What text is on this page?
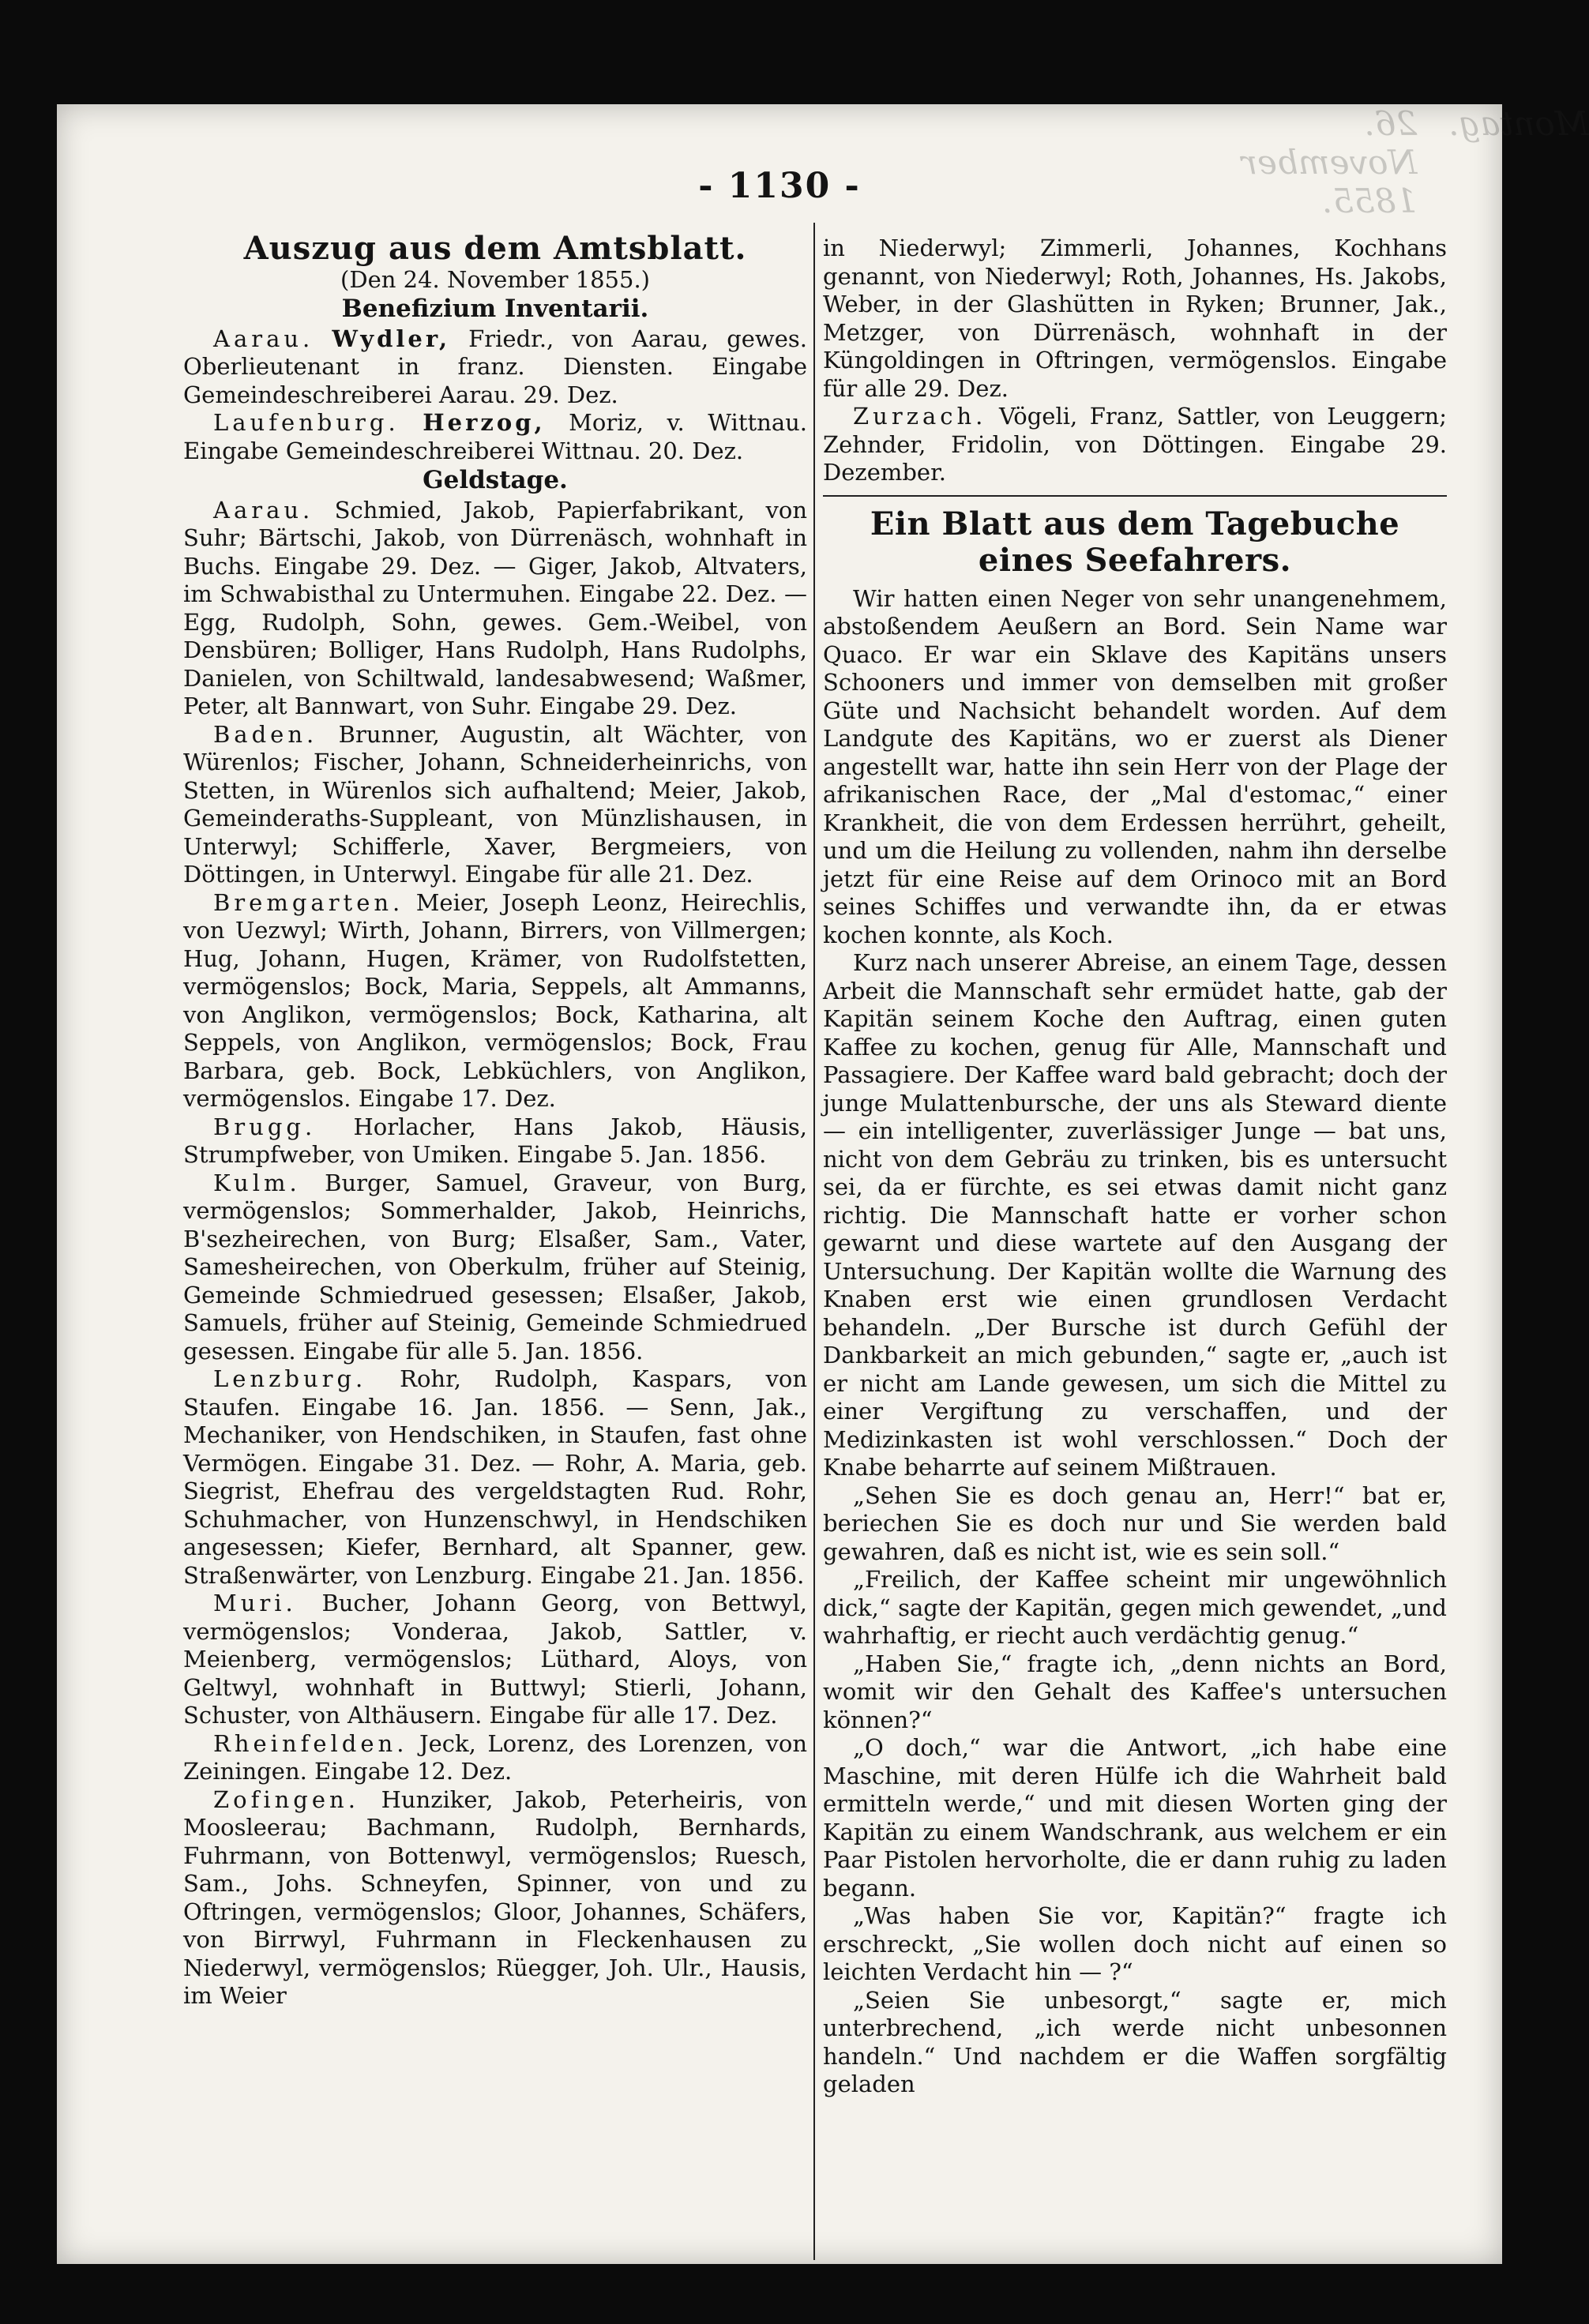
Montag.
26. November 1855.
- 1130 -
Auszug aus dem Amtsblatt.
(Den 24. November 1855.)
Benefizium Inventarii.

Aarau. Wydler, Friedr., von Aarau, gewes. Oberlieutenant in franz. Diensten. Eingabe Gemeindeschreiberei Aarau. 29. Dez.

Laufenburg. Herzog, Moriz, v. Wittnau. Eingabe Gemeindeschreiberei Wittnau. 20. Dez.

Geldstage.

Aarau. Schmied, Jakob, Papierfabrikant, von Suhr; Bärtschi, Jakob, von Dürrenäsch, wohnhaft in Buchs. Eingabe 29. Dez. — Giger, Jakob, Altvaters, im Schwabisthal zu Untermuhen. Eingabe 22. Dez. — Egg, Rudolph, Sohn, gewes. Gem.-Weibel, von Densbüren; Bolliger, Hans Rudolph, Hans Rudolphs, Danielen, von Schiltwald, landesabwesend; Waßmer, Peter, alt Bannwart, von Suhr. Eingabe 29. Dez.

Baden. Brunner, Augustin, alt Wächter, von Würenlos; Fischer, Johann, Schneiderheinrichs, von Stetten, in Würenlos sich aufhaltend; Meier, Jakob, Gemeinderaths-Suppleant, von Münzlishausen, in Unterwyl; Schifferle, Xaver, Bergmeiers, von Döttingen, in Unterwyl. Eingabe für alle 21. Dez.

Bremgarten. Meier, Joseph Leonz, Heirechlis, von Uezwyl; Wirth, Johann, Birrers, von Villmergen; Hug, Johann, Hugen, Krämer, von Rudolfstetten, vermögenslos; Bock, Maria, Seppels, alt Ammanns, von Anglikon, vermögenslos; Bock, Katharina, alt Seppels, von Anglikon, vermögenslos; Bock, Frau Barbara, geb. Bock, Lebküchlers, von Anglikon, vermögenslos. Eingabe 17. Dez.

Brugg. Horlacher, Hans Jakob, Häusis, Strumpfweber, von Umiken. Eingabe 5. Jan. 1856.

Kulm. Burger, Samuel, Graveur, von Burg, vermögenslos; Sommerhalder, Jakob, Heinrichs, B'sezheirechen, von Burg; Elsaßer, Sam., Vater, Samesheirechen, von Oberkulm, früher auf Steinig, Gemeinde Schmiedrued gesessen; Elsaßer, Jakob, Samuels, früher auf Steinig, Gemeinde Schmiedrued gesessen. Eingabe für alle 5. Jan. 1856.

Lenzburg. Rohr, Rudolph, Kaspars, von Staufen. Eingabe 16. Jan. 1856. — Senn, Jak., Mechaniker, von Hendschiken, in Staufen, fast ohne Vermögen. Eingabe 31. Dez. — Rohr, A. Maria, geb. Siegrist, Ehefrau des vergeldstagten Rud. Rohr, Schuhmacher, von Hunzenschwyl, in Hendschiken angesessen; Kiefer, Bernhard, alt Spanner, gew. Straßenwärter, von Lenzburg. Eingabe 21. Jan. 1856.

Muri. Bucher, Johann Georg, von Bettwyl, vermögenslos; Vonderaa, Jakob, Sattler, v. Meienberg, vermögenslos; Lüthard, Aloys, von Geltwyl, wohnhaft in Buttwyl; Stierli, Johann, Schuster, von Althäusern. Eingabe für alle 17. Dez.

Rheinfelden. Jeck, Lorenz, des Lorenzen, von Zeiningen. Eingabe 12. Dez.

Zofingen. Hunziker, Jakob, Peterheiris, von Moosleerau; Bachmann, Rudolph, Bernhards, Fuhrmann, von Bottenwyl, vermögenslos; Ruesch, Sam., Johs. Schneyfen, Spinner, von und zu Oftringen, vermögenslos; Gloor, Johannes, Schäfers, von Birrwyl, Fuhrmann in Fleckenhausen zu Niederwyl, vermögenslos; Rüegger, Joh. Ulr., Hausis, im Weier

in Niederwyl; Zimmerli, Johannes, Kochhans genannt, von Niederwyl; Roth, Johannes, Hs. Jakobs, Weber, in der Glashütten in Ryken; Brunner, Jak., Metzger, von Dürrenäsch, wohnhaft in der Küngoldingen in Oftringen, vermögenslos. Eingabe für alle 29. Dez.

Zurzach. Vögeli, Franz, Sattler, von Leuggern; Zehnder, Fridolin, von Döttingen. Eingabe 29. Dezember.

Ein Blatt aus dem Tagebuche eines Seefahrers.

Wir hatten einen Neger von sehr unangenehmem, abstoßendem Aeußern an Bord. Sein Name war Quaco. Er war ein Sklave des Kapitäns unsers Schooners und immer von demselben mit großer Güte und Nachsicht behandelt worden. Auf dem Landgute des Kapitäns, wo er zuerst als Diener angestellt war, hatte ihn sein Herr von der Plage der afrikanischen Race, der „Mal d'estomac,“ einer Krankheit, die von dem Erdessen herrührt, geheilt, und um die Heilung zu vollenden, nahm ihn derselbe jetzt für eine Reise auf dem Orinoco mit an Bord seines Schiffes und verwandte ihn, da er etwas kochen konnte, als Koch.

Kurz nach unserer Abreise, an einem Tage, dessen Arbeit die Mannschaft sehr ermüdet hatte, gab der Kapitän seinem Koche den Auftrag, einen guten Kaffee zu kochen, genug für Alle, Mannschaft und Passagiere. Der Kaffee ward bald gebracht; doch der junge Mulattenbursche, der uns als Steward diente — ein intelligenter, zuverlässiger Junge — bat uns, nicht von dem Gebräu zu trinken, bis es untersucht sei, da er fürchte, es sei etwas damit nicht ganz richtig. Die Mannschaft hatte er vorher schon gewarnt und diese wartete auf den Ausgang der Untersuchung. Der Kapitän wollte die Warnung des Knaben erst wie einen grundlosen Verdacht behandeln. „Der Bursche ist durch Gefühl der Dankbarkeit an mich gebunden,“ sagte er, „auch ist er nicht am Lande gewesen, um sich die Mittel zu einer Vergiftung zu verschaffen, und der Medizinkasten ist wohl verschlossen.“ Doch der Knabe beharrte auf seinem Mißtrauen.

„Sehen Sie es doch genau an, Herr!“ bat er, beriechen Sie es doch nur und Sie werden bald gewahren, daß es nicht ist, wie es sein soll.“

„Freilich, der Kaffee scheint mir ungewöhnlich dick,“ sagte der Kapitän, gegen mich gewendet, „und wahrhaftig, er riecht auch verdächtig genug.“

„Haben Sie,“ fragte ich, „denn nichts an Bord, womit wir den Gehalt des Kaffee's untersuchen können?“

„O doch,“ war die Antwort, „ich habe eine Maschine, mit deren Hülfe ich die Wahrheit bald ermitteln werde,“ und mit diesen Worten ging der Kapitän zu einem Wandschrank, aus welchem er ein Paar Pistolen hervorholte, die er dann ruhig zu laden begann.

„Was haben Sie vor, Kapitän?“ fragte ich erschreckt, „Sie wollen doch nicht auf einen so leichten Verdacht hin — ?“

„Seien Sie unbesorgt,“ sagte er, mich unterbrechend, „ich werde nicht unbesonnen handeln.“ Und nachdem er die Waffen sorgfältig geladen
